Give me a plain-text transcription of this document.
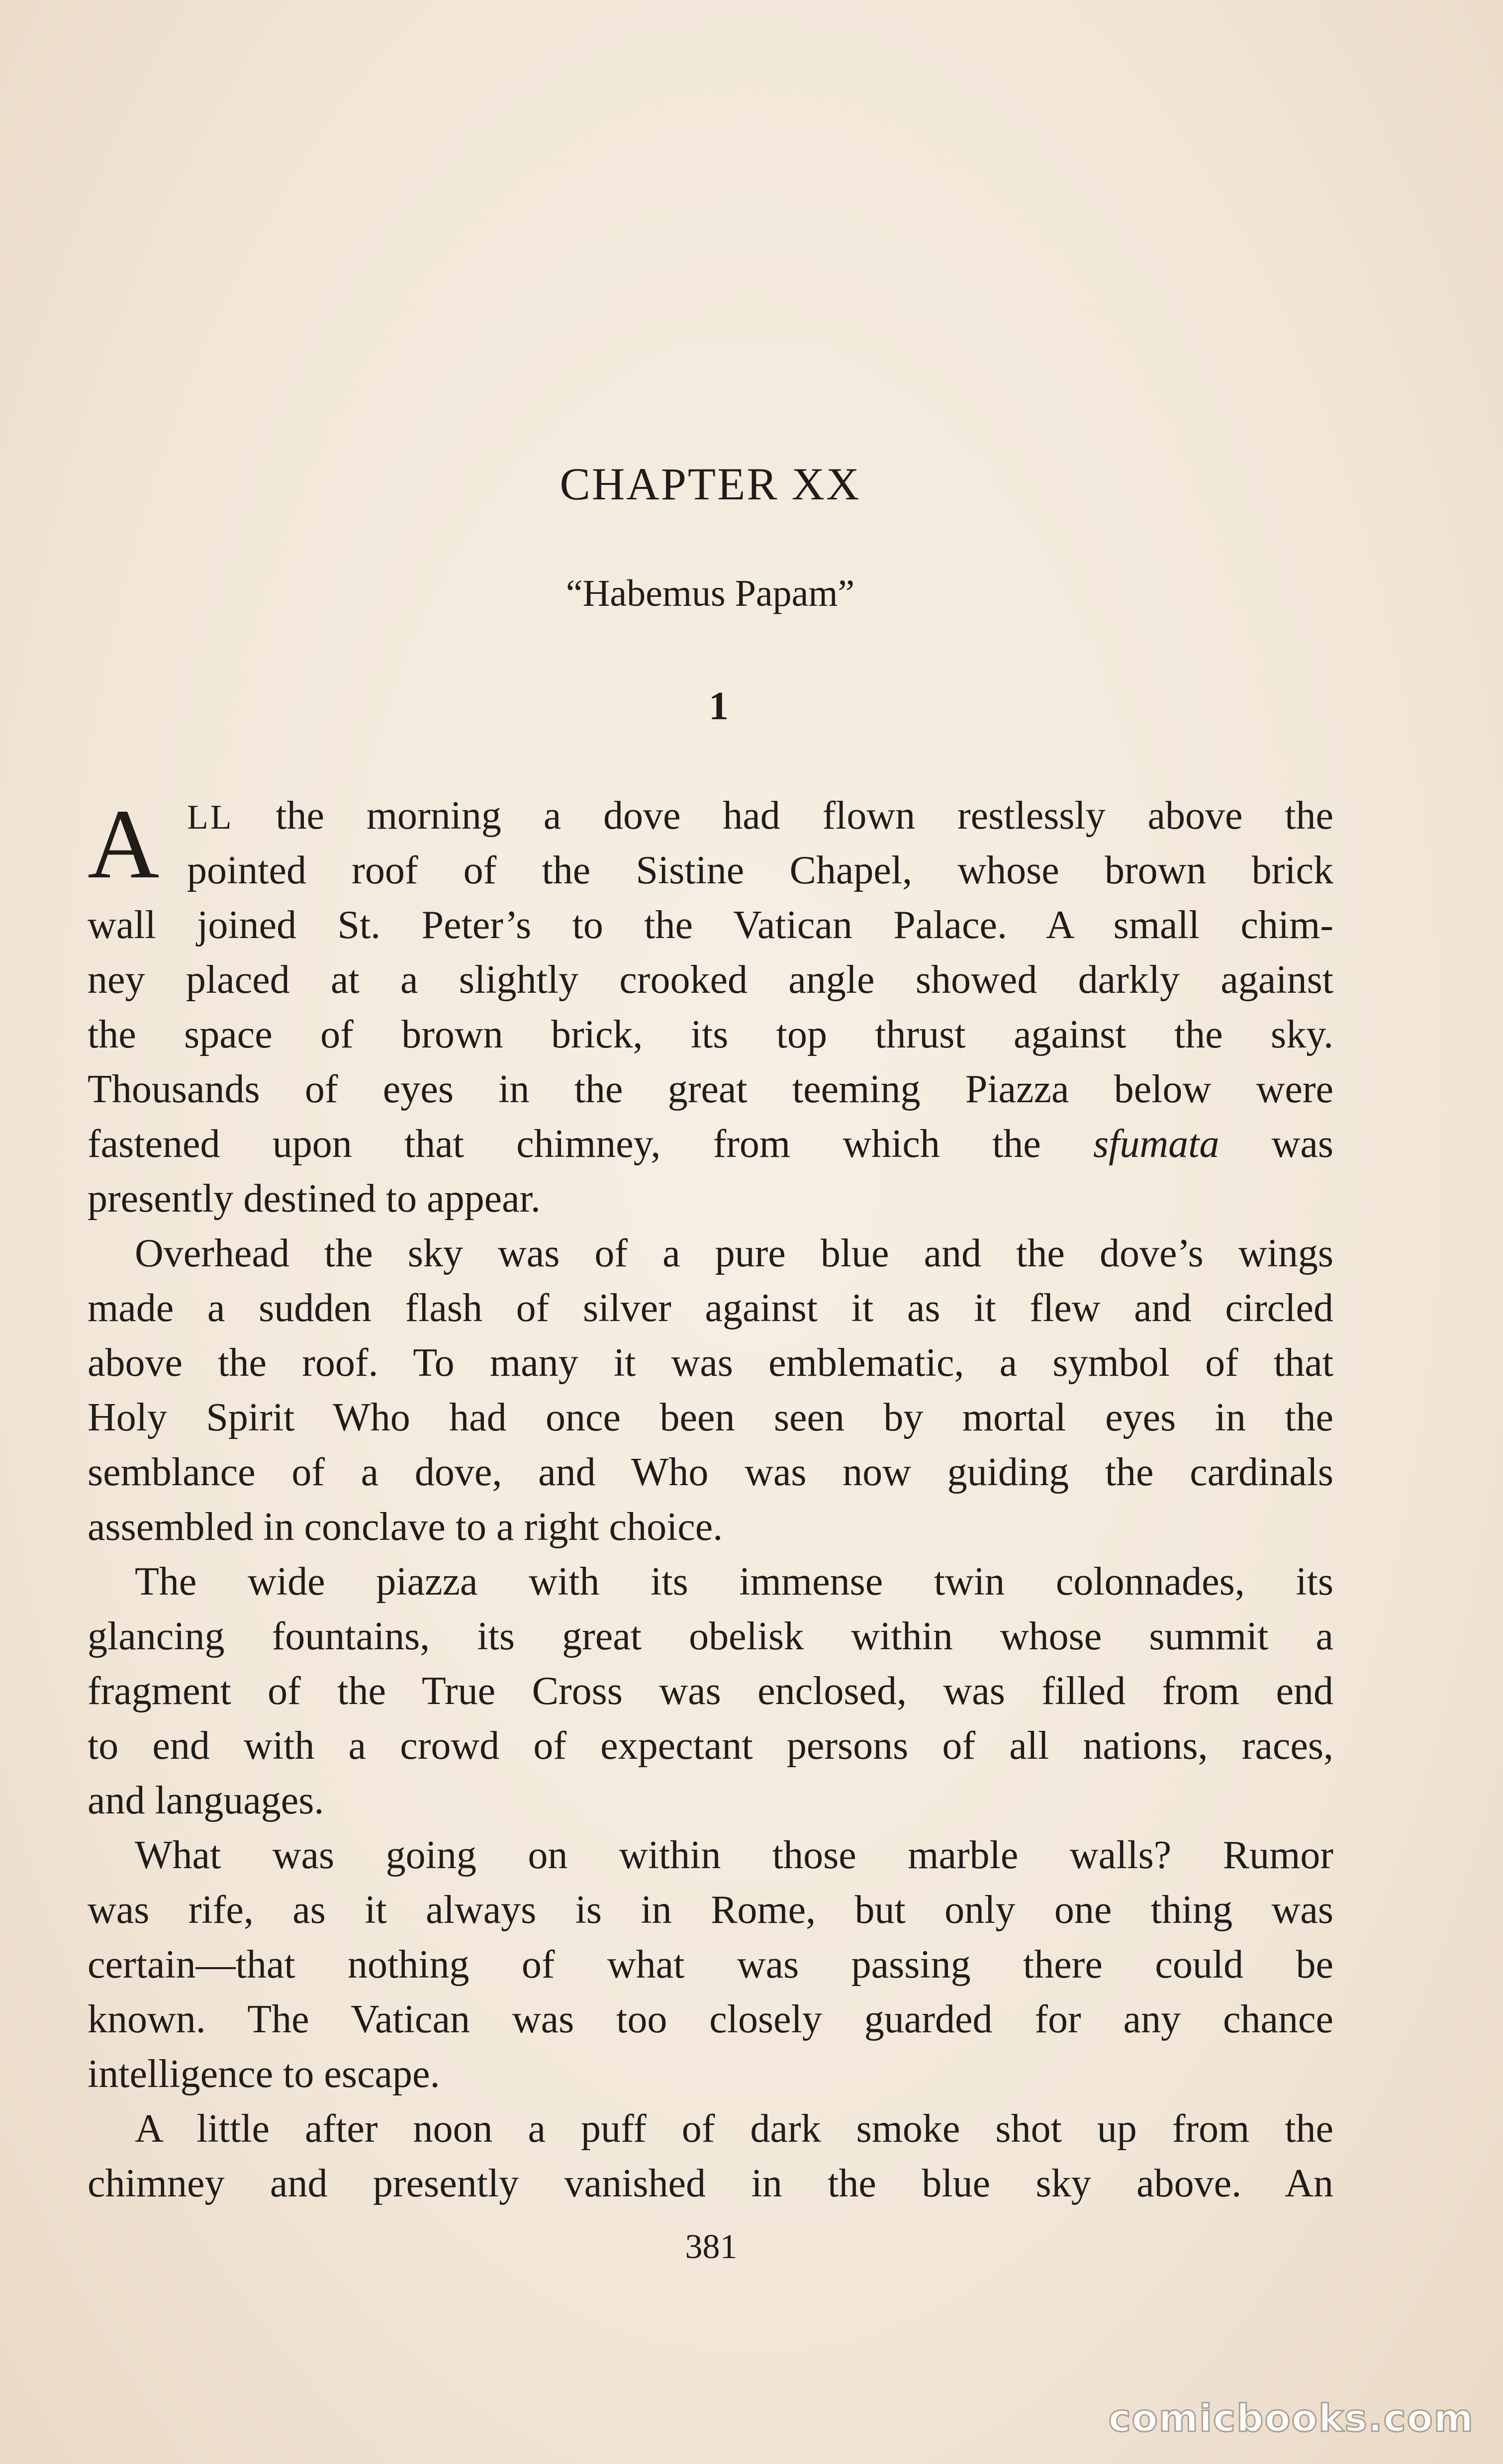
CHAPTER XX
“Habemus Papam”
1
A LL the morning a dove had flown restlessly above the
pointed roof of the Sistine Chapel, whose brown brick
wall joined St. Peter’s to the Vatican Palace. A small chim-
ney placed at a slightly crooked angle showed darkly against
the space of brown brick, its top thrust against the sky.
Thousands of eyes in the great teeming Piazza below were
fastened upon that chimney, from which the sfumata was
presently destined to appear.
Overhead the sky was of a pure blue and the dove’s wings
made a sudden flash of silver against it as it flew and circled
above the roof. To many it was emblematic, a symbol of that
Holy Spirit Who had once been seen by mortal eyes in the
semblance of a dove, and Who was now guiding the cardinals
assembled in conclave to a right choice.
The wide piazza with its immense twin colonnades, its
glancing fountains, its great obelisk within whose summit a
fragment of the True Cross was enclosed, was filled from end
to end with a crowd of expectant persons of all nations, races,
and languages.
What was going on within those marble walls? Rumor
was rife, as it always is in Rome, but only one thing was
certain—that nothing of what was passing there could be
known. The Vatican was too closely guarded for any chance
intelligence to escape.
A little after noon a puff of dark smoke shot up from the
chimney and presently vanished in the blue sky above. An
381
comicbooks.com
